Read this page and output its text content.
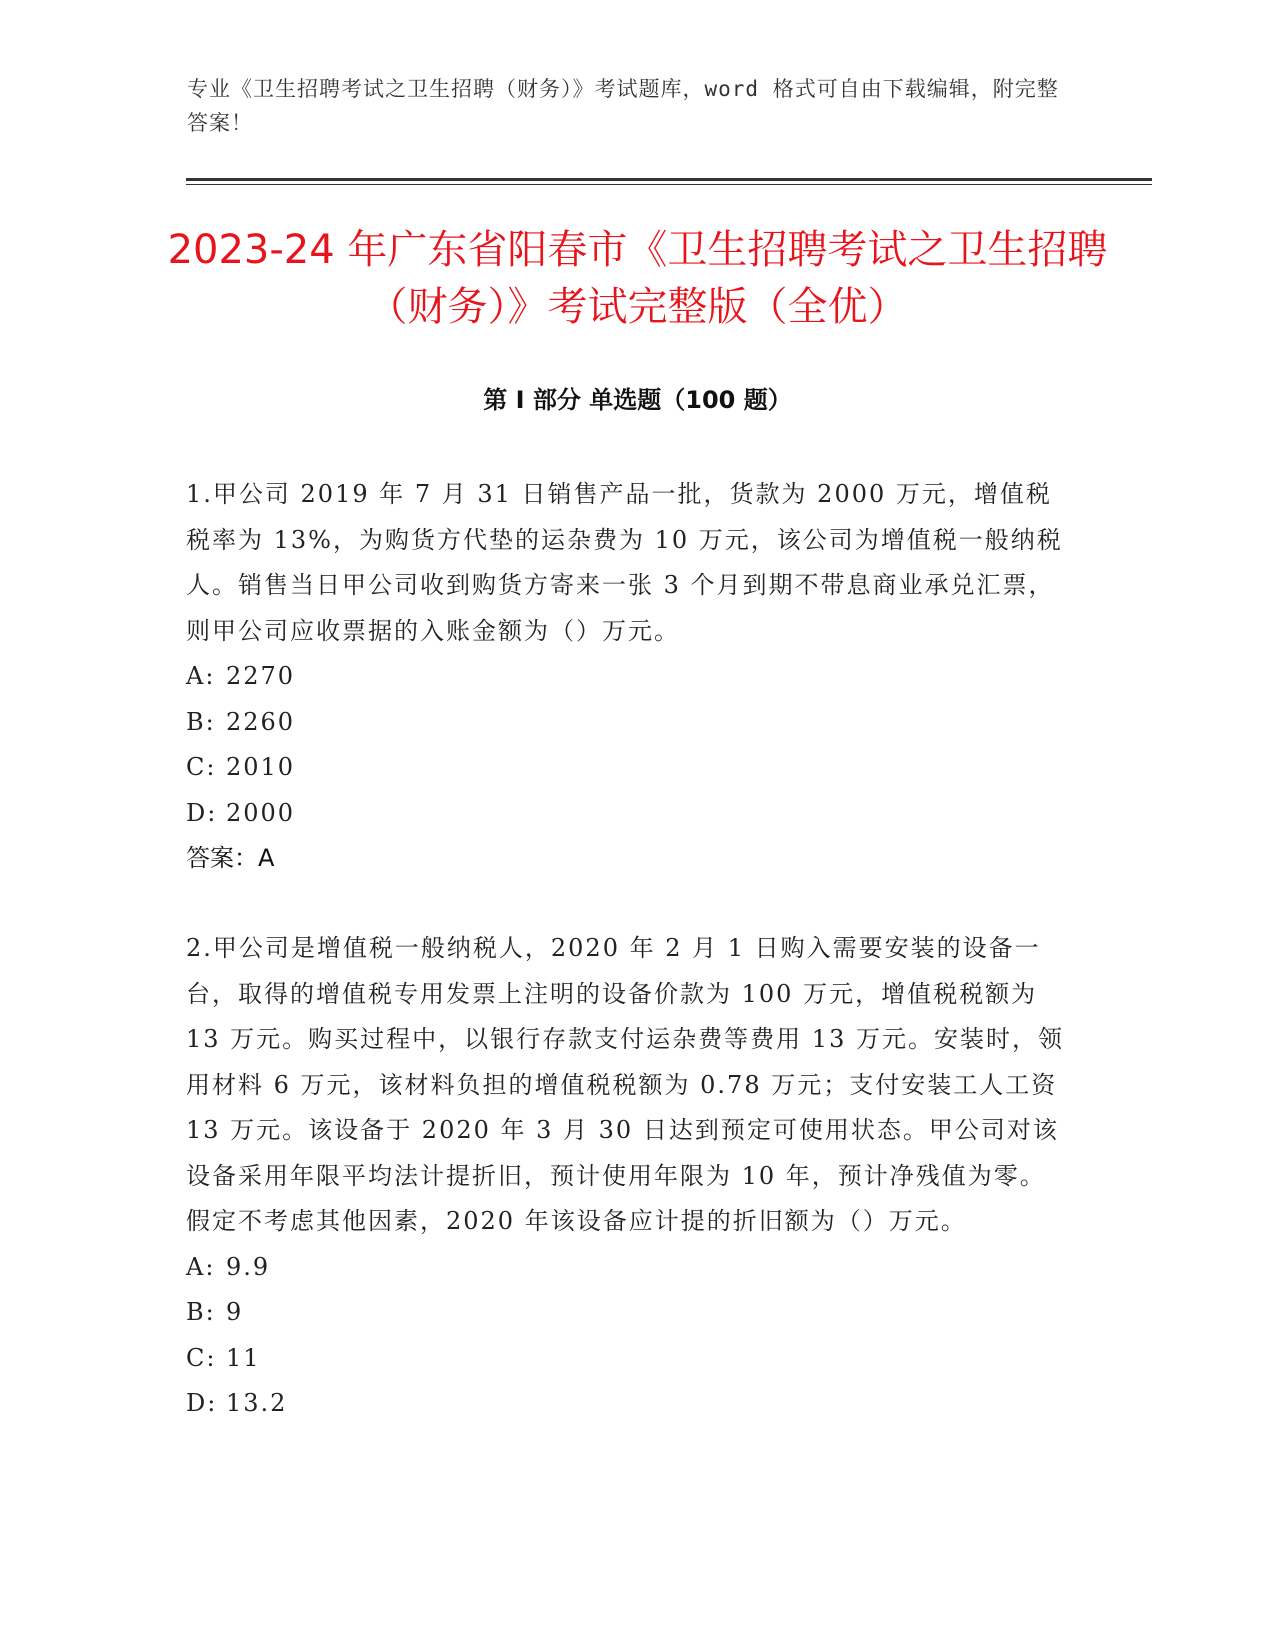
专业《卫生招聘考试之卫生招聘（财务）》考试题库，word 格式可自由下载编辑，附完整答案！
2023-24 年广东省阳春市《卫生招聘考试之卫生招聘（财务）》考试完整版（全优）
第 I 部分 单选题（100 题）

1.甲公司 2019 年 7 月 31 日销售产品一批，货款为 2000 万元，增值税税率为 13%，为购货方代垫的运杂费为 10 万元，该公司为增值税一般纳税人。销售当日甲公司收到购货方寄来一张 3 个月到期不带息商业承兑汇票，则甲公司应收票据的入账金额为（）万元。

A: 2270

B: 2260

C: 2010

D: 2000

答案：A

2.甲公司是增值税一般纳税人，2020 年 2 月 1 日购入需要安装的设备一台，取得的增值税专用发票上注明的设备价款为 100 万元，增值税税额为 13 万元。购买过程中，以银行存款支付运杂费等费用 13 万元。安装时，领用材料 6 万元，该材料负担的增值税税额为 0.78 万元；支付安装工人工资 13 万元。该设备于 2020 年 3 月 30 日达到预定可使用状态。甲公司对该设备采用年限平均法计提折旧，预计使用年限为 10 年，预计净残值为零。假定不考虑其他因素，2020 年该设备应计提的折旧额为（）万元。

A: 9.9

B: 9

C: 11

D: 13.2
